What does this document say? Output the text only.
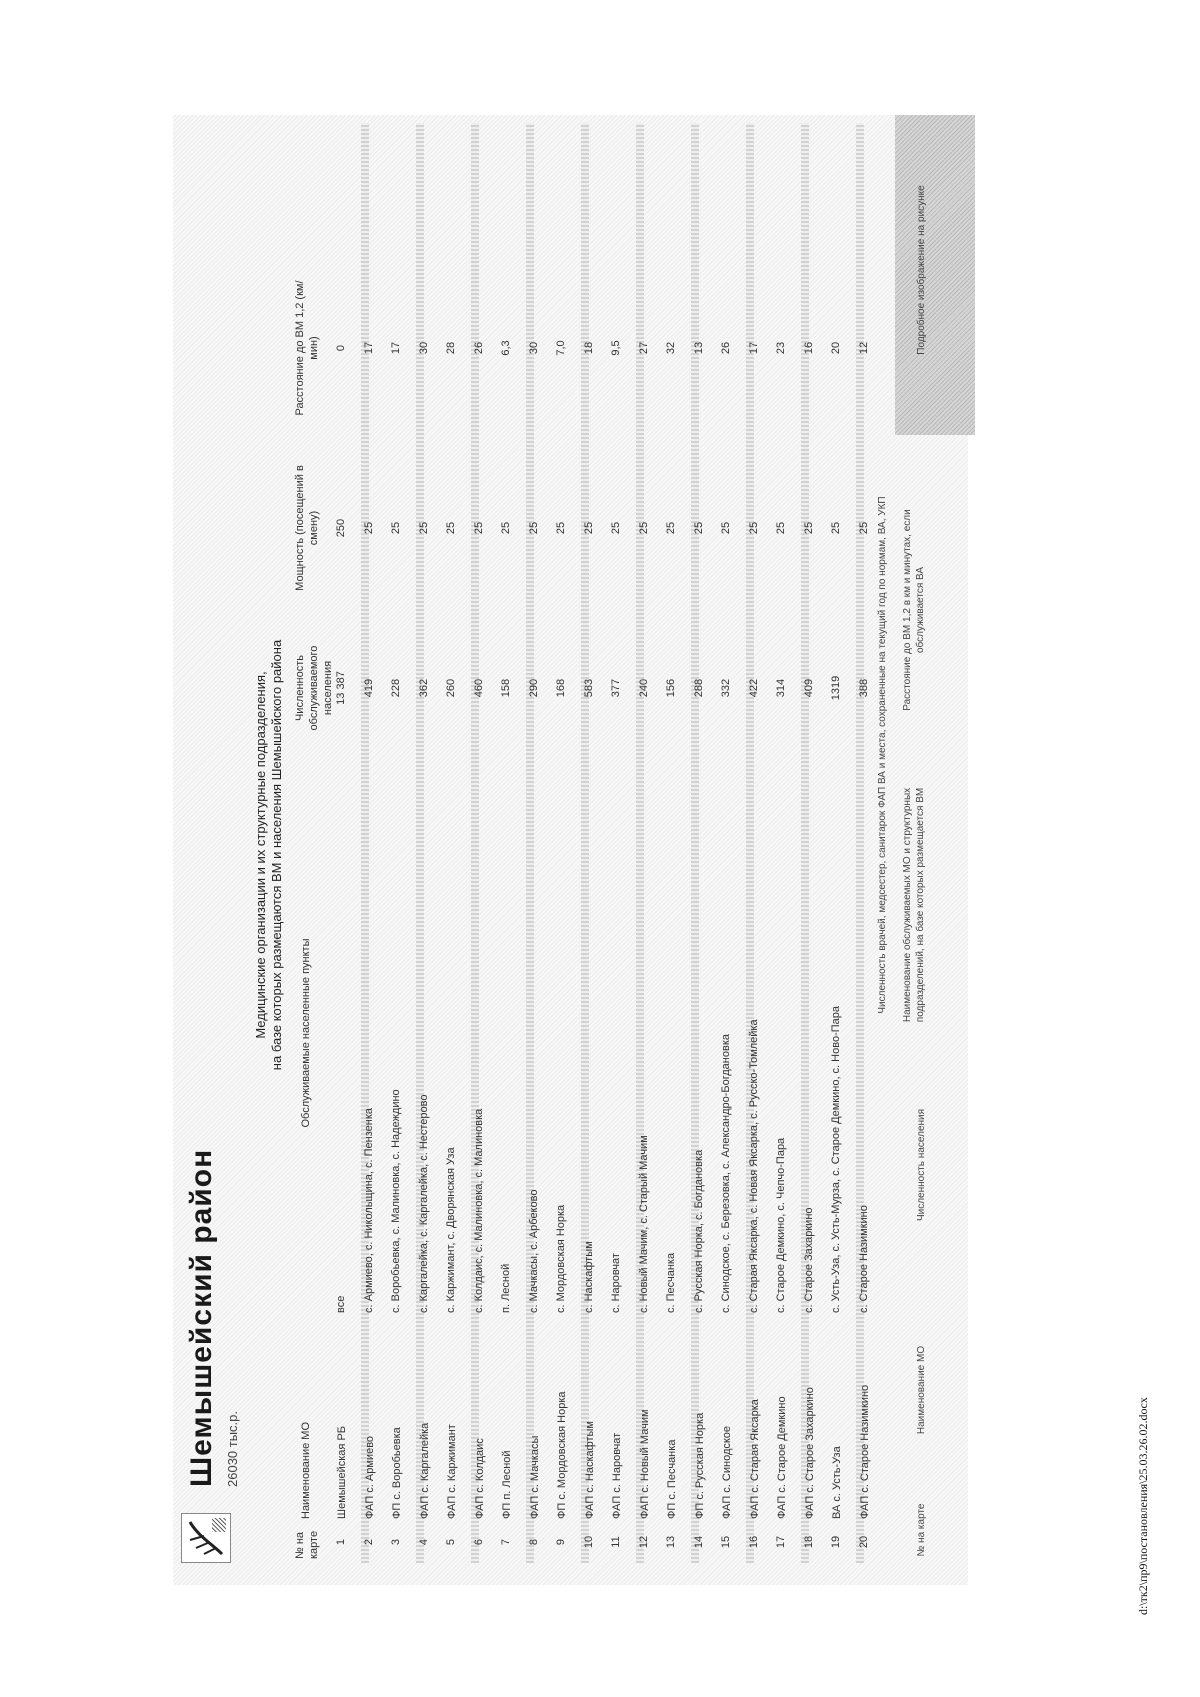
Шемышейский район 26030 тыс.р.
Медицинские организации и их структурные подразделения, на базе которых размещаются ВМ и населения Шемышейского района
№ на карте
Наименование МО
Обслуживаемые населенные пункты
Численность обслуживаемого населения
Мощность (посещений в смену)
Расстояние до ВМ 1,2 (км/мин)
1
Шемышейская РБ
все
13 387
250
0
2
ФАП с. Армиево
с. Армиево, с. Никольщина, с. Пензенка
419
25
17
3
ФП с. Воробьевка
с. Воробьевка, с. Малиновка, с. Надеждино
228
25
17
4
ФАП с. Каргалейка
с. Каргалейка, с. Каргалейка, с. Нестерово
362
25
30
5
ФАП с. Каржимант
с. Каржимант, с. Дворянская Уза
260
25
28
6
ФАП с. Колдаис
с. Колдаис, с. Малиновка, с. Малиновка
460
25
26
7
ФП п. Лесной
п. Лесной
158
25
6,3
8
ФАП с. Мачкасы
с. Мачкасы, с. Арбеково
290
25
30
9
ФП с. Мордовская Норка
с. Мордовская Норка
168
25
7,0
10
ФАП с. Наскафтым
с. Наскафтым
583
25
18
11
ФАП с. Наровчат
с. Наровчат
377
25
9,5
12
ФАП с. Новый Мачим
с. Новый Мачим, с. Старый Мачим
240
25
27
13
ФП с. Песчанка
с. Песчанка
156
25
32
14
ФП с. Русская Норка
с. Русская Норка, с. Богдановка
288
25
13
15
ФАП с. Синодское
с. Синодское, с. Березовка, с. Александро-Богдановка
332
25
26
16
ФАП с. Старая Яксарка
с. Старая Яксарка, с. Новая Яксарка, с. Русско-Томлейка
422
25
17
17
ФАП с. Старое Демкино
с. Старое Демкино, с. Чепчо-Пара
314
25
23
18
ФАП с. Старое Захаркино
с. Старое Захаркино
409
25
16
19
ВА с. Усть-Уза
с. Усть-Уза, с. Усть-Мурза, с. Старое Демкино, с. Ново-Пара
1319
25
20
20
ФАП с. Старое Назимкино
с. Старое Назимкино
388
25
12
Численность врачей, медсестер, санитарок ФАП ВА и места, сохраненные на текущий год по нормам, ВА, УКП
№ на карте
Наименование МО
Численность населения
Наименование обслуживаемых МО и структурных подразделений, на базе которых размещается ВМ
Расстояние до ВМ 1,2 в км и минутах, если обслуживается ВА
Подробное изображение на рисунке
d:\тк2\пр9\постановления\25.03.26.02.docx
